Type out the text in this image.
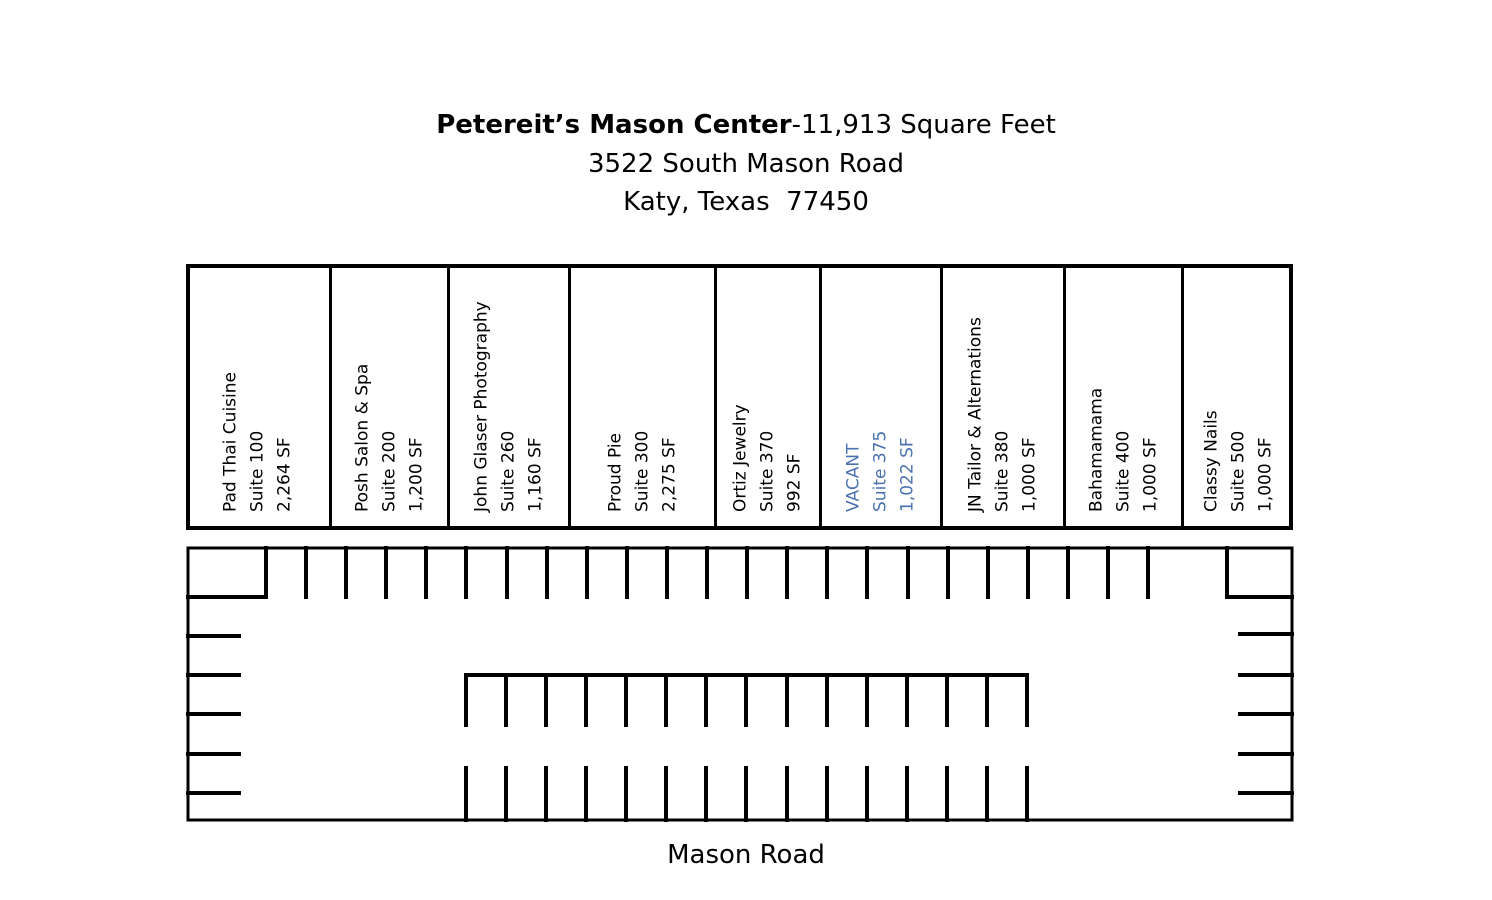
Petereit’s Mason Center-11,913 Square Feet
3522 South Mason Road
Katy, Texas  77450
Pad Thai Cuisine Suite 100 2,264 SF	Posh Salon & Spa Suite 200 1,200 SF	John Glaser Photography Suite 260 1,160 SF	Proud Pie Suite 300 2,275 SF	Ortiz Jewelry Suite 370 992 SF VACANT Suite 375 1,022 SF	JN Tailor & Alternations Suite 380 1,000 SF	Bahamamama Suite 400 1,000 SF Classy Nails Suite 500 1,000 SF
Mason Road
